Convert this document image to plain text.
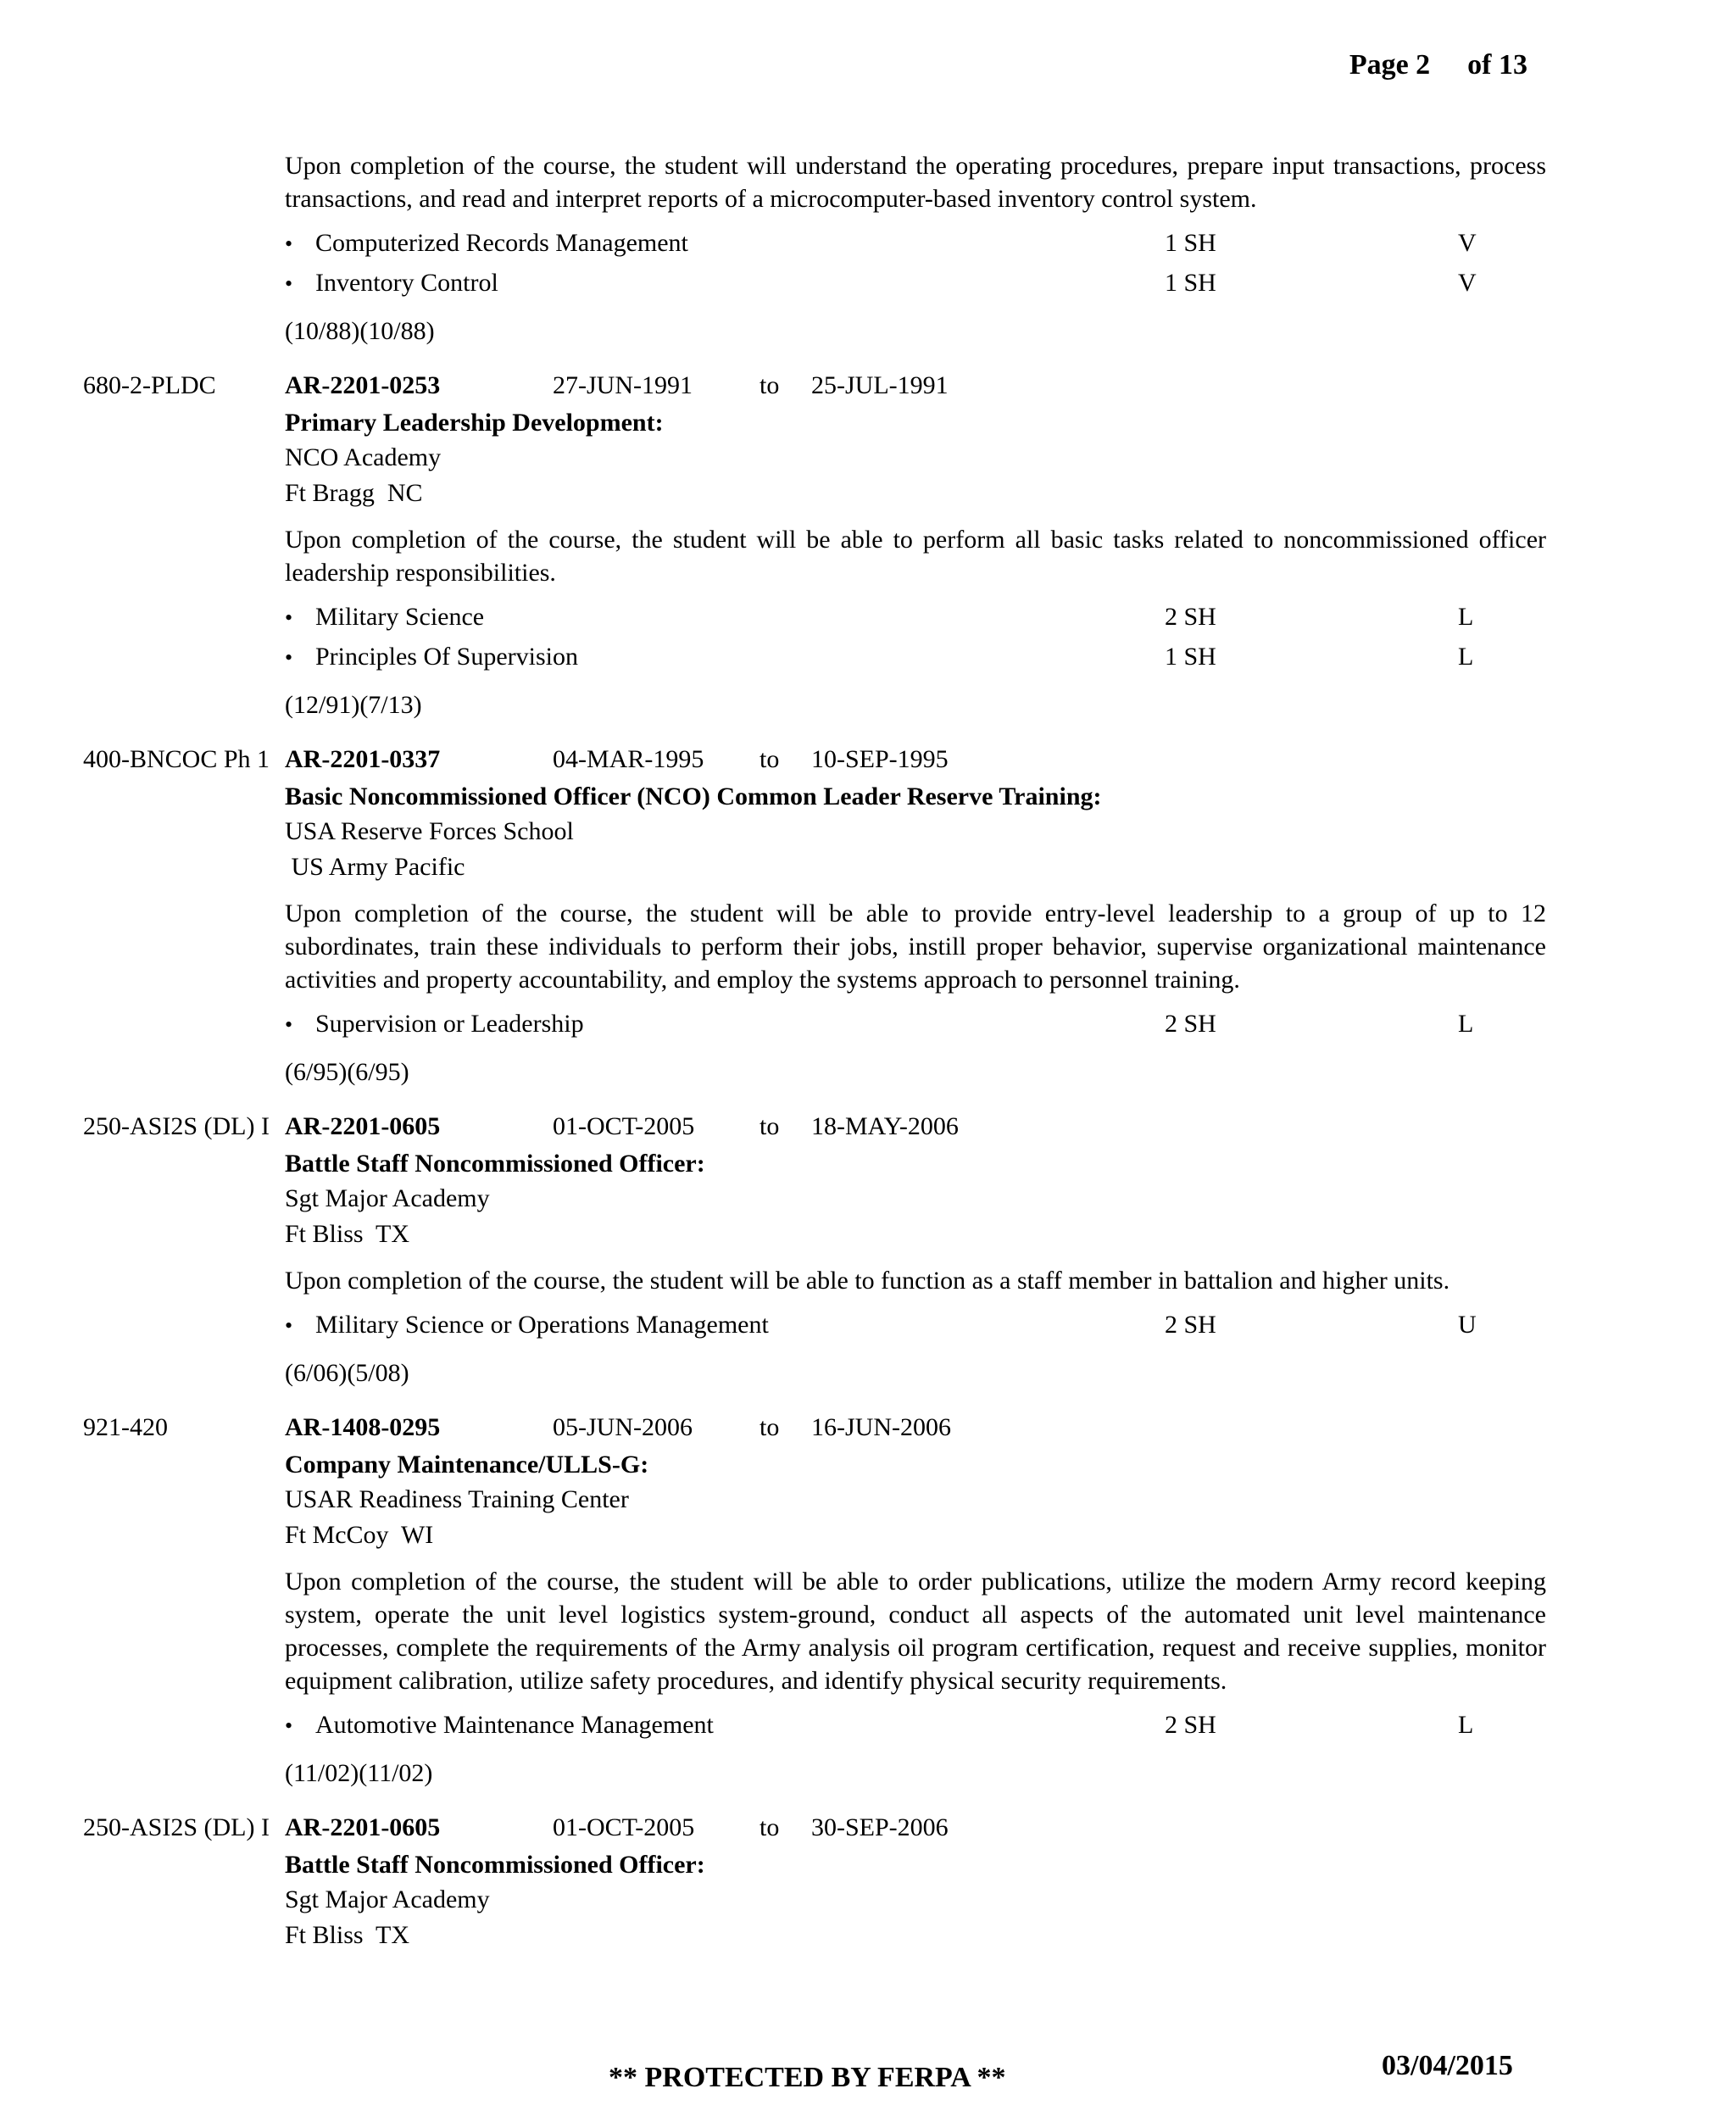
Page 2 of 13

Upon completion of the course, the student will understand the operating procedures, prepare input transactions, process transactions, and read and interpret reports of a microcomputer-based inventory control system.

• Computerized Records Management	1 SH	V
• Inventory Control	1 SH	V
(10/88)(10/88)
680-2-PLDC	AR-2201-0253	27-JUN-1991	to	25-JUL-1991

Primary Leadership Development:

NCO Academy

Ft Bragg  NC

Upon completion of the course, the student will be able to perform all basic tasks related to noncommissioned officer leadership responsibilities.

• Military Science	2 SH	L
• Principles Of Supervision	1 SH	L
(12/91)(7/13)
400-BNCOC Ph 1 AR-2201-0337	04-MAR-1995	to	10-SEP-1995

Basic Noncommissioned Officer (NCO) Common Leader Reserve Training:

USA Reserve Forces School

US Army Pacific

Upon completion of the course, the student will be able to provide entry-level leadership to a group of up to 12 subordinates, train these individuals to perform their jobs, instill proper behavior, supervise organizational maintenance activities and property accountability, and employ the systems approach to personnel training.

• Supervision or Leadership	2 SH	L
(6/95)(6/95)
250-ASI2S (DL) I AR-2201-0605	01-OCT-2005	to	18-MAY-2006

Battle Staff Noncommissioned Officer:

Sgt Major Academy

Ft Bliss  TX

Upon completion of the course, the student will be able to function as a staff member in battalion and higher units.

• Military Science or Operations Management	2 SH	U
(6/06)(5/08)
921-420	AR-1408-0295	05-JUN-2006	to	16-JUN-2006

Company Maintenance/ULLS-G:

USAR Readiness Training Center

Ft McCoy  WI

Upon completion of the course, the student will be able to order publications, utilize the modern Army record keeping system, operate the unit level logistics system-ground, conduct all aspects of the automated unit level maintenance processes, complete the requirements of the Army analysis oil program certification, request and receive supplies, monitor equipment calibration, utilize safety procedures, and identify physical security requirements.

• Automotive Maintenance Management	2 SH	L
(11/02)(11/02)
250-ASI2S (DL) I AR-2201-0605	01-OCT-2005	to	30-SEP-2006

Battle Staff Noncommissioned Officer:

Sgt Major Academy

Ft Bliss  TX

** PROTECTED BY FERPA **	03/04/2015
